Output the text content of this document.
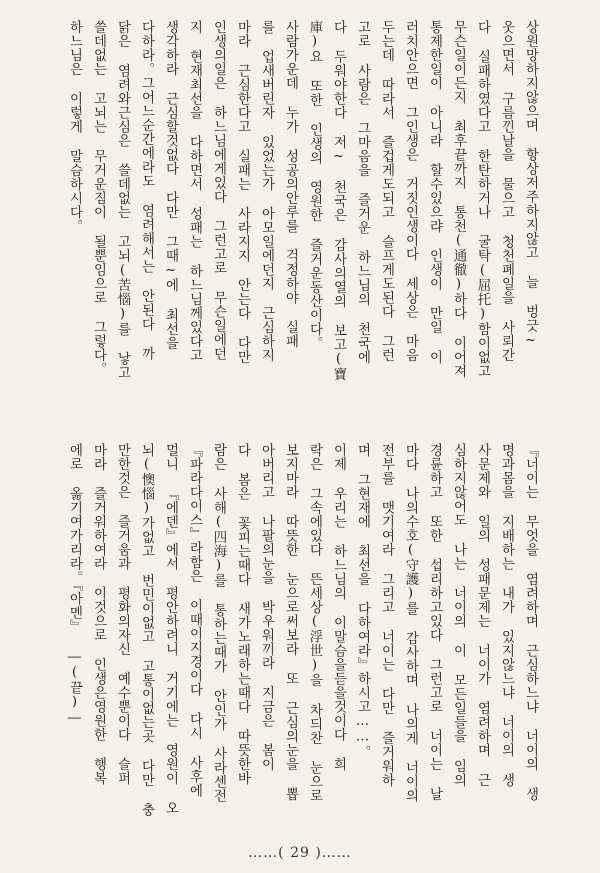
상원망하지않으며 항상저주하지않고 늘 벙긋~
웃으면서 구름낀날을 물으고 청천폐일을 사뢰간
다 실패하였다고 한탄하거나 굴탁(屈托)함이없고
무슨일이든지 최후끝까지 통천(通徹)하다 이어져
통제한일이 아니라 할수있으랴 인생이 만일 이
러치안으면 그인생은 거짓인생이다 세상은 마음
두는데 따라서 즐겁게도되고 슬프게도된다 그런
고로 사람은 그마음을 즐거운 하느님의 천국에
다 두워야한다 저~ 천국은 감사의열의 보고(寶
庫)요 또한 인생의 영원한 즐거운동산이다。
사람가운데 누가 성공의안루를 걱정하야 실패
를 업새버린자 있었는가 아모일에던지 근심하지
마라 근심한다고 실패는 사라지지 안는다 다만
인생의일은 하느님에게있다 그런고로 무슨일에던
지 현재최선을 다하면서 성패는 하느님께있다고
생각하라 근심할것없다 다만 그때~에 최선을
다하라。그어느순간에라도 염려해서는 안된다 까
닭은 염려와근심은 쓸데없는 고뇌(苦惱)를 낳고
쓸데없는 고뇌는 무거운짐이 될뿐임으로 그렇다。
하느님은 이렇게 말슴하시다。
『너이는 무엇을 염려하며 근심하느냐 너이의 생
명과몸을 지배하는 내가 있지않느냐 너이의 생
사문제와 일의 성패문제는 너이가 염려하며 근
심하지않어도 나는 너이의 이 모든일들을 임의
경륜하고 또한 섭리하고있다 그런고로 너이는 날
마다 나의수호(守護)를 감사하며 나의게 너이의
전부를 맷기여라 그리고 너이는 다만 즐거워하
며 그현재에 최선을 다하여라』하시고……。
이제 우리는 하느님의 이말슴을듣을것이다 희
락은 그속에있다 뜬세상(浮世)을 차듸찬 눈으로
보지마라 따뜻한 눈으로써보라 또 근심의눈을 뽑
아버리고 나팔의눈을 박우워끼라 지금은 봄이
다 봄은 꽃피는때다 새가노래하는때다 따뜻한바
람은 사해(四海)를 통하는때가 안인가 사라센전
『파라다이스』라함은 이때이지경이다 다시 사후에
멀니 『에덴』에서 평안하려니 거기에는 영원이 오
뇌(懊惱)가없고 번민이없고 고통이없는곳 다만 충
만한것은 즐거움과 평화의자신 예수뿐이다 슬퍼
마라 즐거워하여라 이것으로 인생은영원한 행복
에로 옮기여가리라。『아멘』 ―(끝)―
……( 29 )……
